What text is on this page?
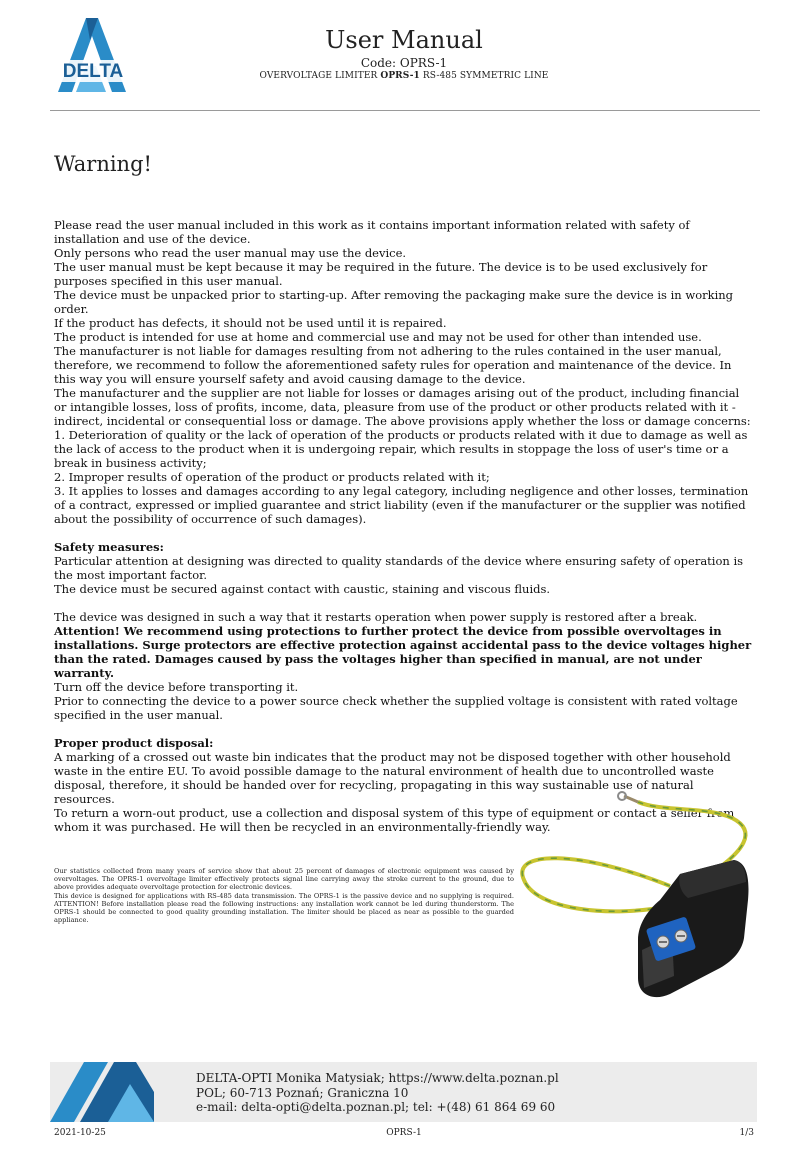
DELTA
User Manual
Code: OPRS-1
OVERVOLTAGE LIMITER OPRS-1 RS-485 SYMMETRIC LINE
Warning!

Please read the user manual included in this work as it contains important information related with safety of installation and use of the device.

Only persons who read the user manual may use the device.

The user manual must be kept because it may be required in the future. The device is to be used exclusively for purposes specified in this user manual.

The device must be unpacked prior to starting-up. After removing the packaging make sure the device is in working order.

If the product has defects, it should not be used until it is repaired.

The product is intended for use at home and commercial use and may not be used for other than intended use.

The manufacturer is not liable for damages resulting from not adhering to the rules contained in the user manual, therefore, we recommend to follow the aforementioned safety rules for operation and maintenance of the device. In this way you will ensure yourself safety and avoid causing damage to the device.

The manufacturer and the supplier are not liable for losses or damages arising out of the product, including financial or intangible losses, loss of profits, income, data, pleasure from use of the product or other products related with it - indirect, incidental or consequential loss or damage. The above provisions apply whether the loss or damage concerns:

1. Deterioration of quality or the lack of operation of the products or products related with it due to damage as well as the lack of access to the product when it is undergoing repair, which results in stoppage the loss of user's time or a break in business activity;

2. Improper results of operation of the product or products related with it;

3. It applies to losses and damages according to any legal category, including negligence and other losses, termination of a contract, expressed or implied guarantee and strict liability (even if the manufacturer or the supplier was notified about the possibility of occurrence of such damages).

Safety measures:

Particular attention at designing was directed to quality standards of the device where ensuring safety of operation is the most important factor.

The device must be secured against contact with caustic, staining and viscous fluids.

The device was designed in such a way that it restarts operation when power supply is restored after a break.

Attention! We recommend using protections to further protect the device from possible overvoltages in installations. Surge protectors are effective protection against accidental pass to the device voltages higher than the rated. Damages caused by pass the voltages higher than specified in manual, are not under warranty.

Turn off the device before transporting it.

Prior to connecting the device to a power source check whether the supplied voltage is consistent with rated voltage specified in the user manual.

Proper product disposal:

A marking of a crossed out waste bin indicates that the product may not be disposed together with other household waste in the entire EU. To avoid possible damage to the natural environment of health due to uncontrolled waste disposal, therefore, it should be handed over for recycling, propagating in this way sustainable use of natural resources.

To return a worn-out product, use a collection and disposal system of this type of equipment or contact a seller from whom it was purchased. He will then be recycled in an environmentally-friendly way.

Our statistics collected from many years of service show that about 25 percent of damages of electronic equipment was caused by overvoltages. The OPRS-1 overvoltage limiter effectively protects signal line carrying away the stroke current to the ground, due to above provides adequate overvoltage protection for electronic devices.

This device is designed for applications with RS-485 data transmission. The OPRS-1 is the passive device and no supplying is required. ATTENTION! Before installation please read the following instructions: any installation work cannot be led during thunderstorm. The OPRS-1 should be connected to good quality grounding installation. The limiter should be placed as near as possible to the guarded appliance.

DELTA-OPTI Monika Matysiak; https://www.delta.poznan.pl
POL; 60-713 Poznań; Graniczna 10
e-mail: delta-opti@delta.poznan.pl; tel: +(48) 61 864 69 60
2021-10-25	OPRS-1	1/3
